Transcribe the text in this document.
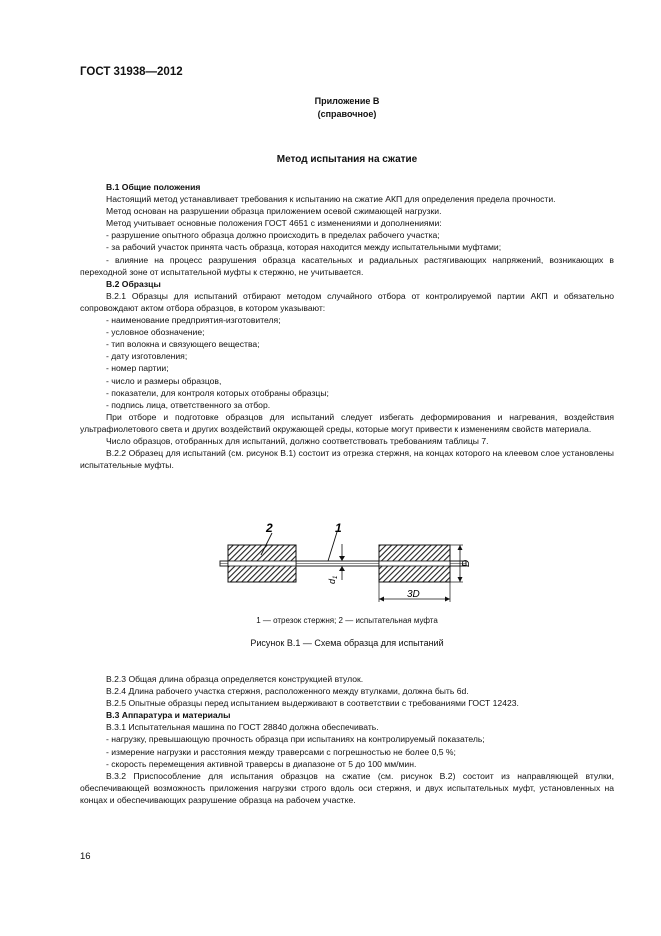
ГОСТ 31938—2012
Приложение В
(справочное)
Метод испытания на сжатие

В.1 Общие положения

Настоящий метод устанавливает требования к испытанию на сжатие АКП для определения предела прочности.

Метод основан на разрушении образца приложением осевой сжимающей нагрузки.

Метод учитывает основные положения ГОСТ 4651 с изменениями и дополнениями:

- разрушение опытного образца должно происходить в пределах рабочего участка;

- за рабочий участок принята часть образца, которая находится между испытательными муфтами;

- влияние на процесс разрушения образца касательных и радиальных растягивающих напряжений, возникающих в переходной зоне от испытательной муфты к стержню, не учитывается.

В.2 Образцы

В.2.1 Образцы для испытаний отбирают методом случайного отбора от контролируемой партии АКП и обязательно сопровождают актом отбора образцов, в котором указывают:

- наименование предприятия-изготовителя;

- условное обозначение;

- тип волокна и связующего вещества;

- дату изготовления;

- номер партии;

- число и размеры образцов,

- показатели, для контроля которых отобраны образцы;

- подпись лица, ответственного за отбор.

При отборе и подготовке образцов для испытаний следует избегать деформирования и нагревания, воздействия ультрафиолетового света и других воздействий окружающей среды, которые могут привести к изменениям свойств материала.

Число образцов, отобранных для испытаний, должно соответствовать требованиям таблицы 7.

В.2.2 Образец для испытаний (см. рисунок В.1) состоит из отрезка стержня, на концах которого на клеевом слое установлены испытательные муфты.

2	1
$d_1$
D
3D
1 — отрезок стержня; 2 — испытательная муфта
Рисунок В.1 — Схема образца для испытаний

В.2.3 Общая длина образца определяется конструкцией втулок.

В.2.4 Длина рабочего участка стержня, расположенного между втулками, должна быть 6d.

В.2.5 Опытные образцы перед испытанием выдерживают в соответствии с требованиями ГОСТ 12423.

В.3 Аппаратура и материалы

В.3.1 Испытательная машина по ГОСТ 28840 должна обеспечивать.

- нагрузку, превышающую прочность образца при испытаниях на контролируемый показатель;

- измерение нагрузки и расстояния между траверсами с погрешностью не более 0,5 %;

- скорость перемещения активной траверсы в диапазоне от 5 до 100 мм/мин.

В.3.2 Приспособление для испытания образцов на сжатие (см. рисунок В.2) состоит из направляющей втулки, обеспечивающей возможность приложения нагрузки строго вдоль оси стержня, и двух испытательных муфт, установленных на концах и обеспечивающих разрушение образца на рабочем участке.

16
